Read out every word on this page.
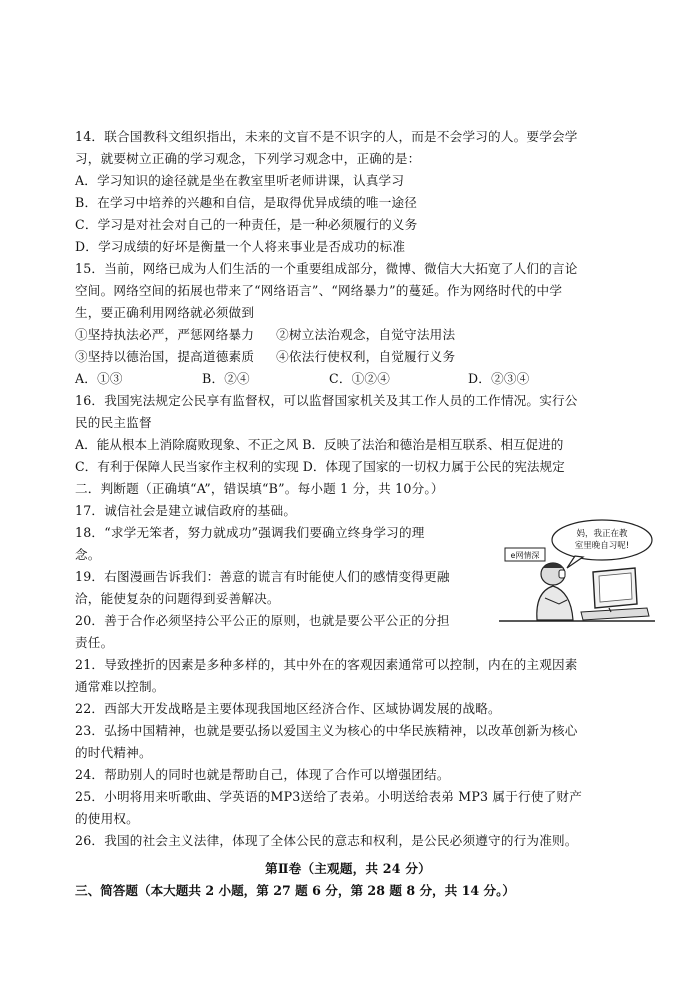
14．联合国教科文组织指出，未来的文盲不是不识字的人，而是不会学习的人。要学会学
习，就要树立正确的学习观念，下列学习观念中，正确的是：
A．学习知识的途径就是坐在教室里听老师讲课，认真学习
B．在学习中培养的兴趣和自信，是取得优异成绩的唯一途径
C．学习是对社会对自己的一种责任，是一种必须履行的义务
D．学习成绩的好坏是衡量一个人将来事业是否成功的标准
15．当前，网络已成为人们生活的一个重要组成部分，微博、微信大大拓宽了人们的言论
空间。网络空间的拓展也带来了“网络语言”、“网络暴力”的蔓延。作为网络时代的中学
生，要正确利用网络就必须做到
①坚持执法必严，严惩网络暴力 ②树立法治观念，自觉守法用法
③坚持以德治国，提高道德素质 ④依法行使权利，自觉履行义务
A．①③	B．②④	C．①②④	D．②③④
16．我国宪法规定公民享有监督权，可以监督国家机关及其工作人员的工作情况。实行公
民的民主监督
A．能从根本上消除腐败现象、不正之风 B．反映了法治和德治是相互联系、相互促进的
C．有利于保障人民当家作主权利的实现 D．体现了国家的一切权力属于公民的宪法规定
二．判断题（正确填“A”，错误填“B”。每小题 1 分，共 10分。）
17．诚信社会是建立诚信政府的基础。
18．“求学无笨者，努力就成功”强调我们要确立终身学习的理
念。
19．右图漫画告诉我们：善意的谎言有时能使人们的感情变得更融
洽，能使复杂的问题得到妥善解决。
20．善于合作必须坚持公平公正的原则，也就是要公平公正的分担
责任。
21．导致挫折的因素是多种多样的，其中外在的客观因素通常可以控制，内在的主观因素
通常难以控制。
22．西部大开发战略是主要体现我国地区经济合作、区域协调发展的战略。
23．弘扬中国精神，也就是要弘扬以爱国主义为核心的中华民族精神，以改革创新为核心
的时代精神。
24．帮助别人的同时也就是帮助自己，体现了合作可以增强团结。
25．小明将用来听歌曲、学英语的MP3送给了表弟。小明送给表弟 MP3 属于行使了财产
的使用权。
26．我国的社会主义法律，体现了全体公民的意志和权利，是公民必须遵守的行为准则。
第Ⅱ卷（主观题，共 24 分）
三、简答题（本大题共 2 小题，第 27 题 6 分，第 28 题 8 分，共 14 分。）
妈，我正在教
室里晚自习呢!
e网情深
